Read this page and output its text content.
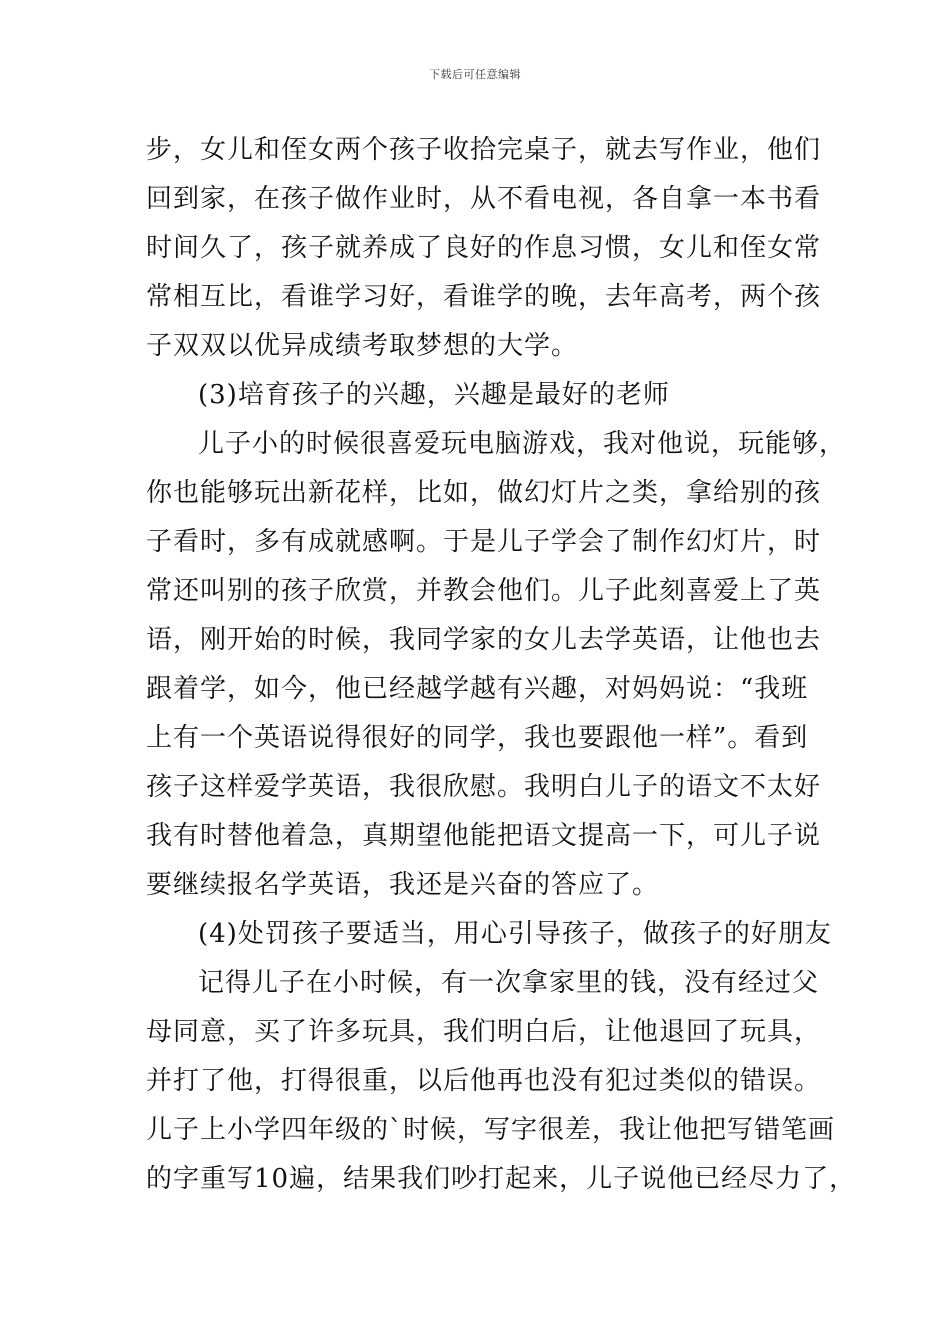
下载后可任意编辑
步，女儿和侄女两个孩子收拾完桌子，就去写作业，他们
回到家，在孩子做作业时，从不看电视，各自拿一本书看
时间久了，孩子就养成了良好的作息习惯，女儿和侄女常
常相互比，看谁学习好，看谁学的晚，去年高考，两个孩
子双双以优异成绩考取梦想的大学。
(3)培育孩子的兴趣，兴趣是最好的老师
儿子小的时候很喜爱玩电脑游戏，我对他说，玩能够，
你也能够玩出新花样，比如，做幻灯片之类，拿给别的孩
子看时，多有成就感啊。于是儿子学会了制作幻灯片，时
常还叫别的孩子欣赏，并教会他们。儿子此刻喜爱上了英
语，刚开始的时候，我同学家的女儿去学英语，让他也去
跟着学，如今，他已经越学越有兴趣，对妈妈说：“我班
上有一个英语说得很好的同学，我也要跟他一样”。看到
孩子这样爱学英语，我很欣慰。我明白儿子的语文不太好
我有时替他着急，真期望他能把语文提高一下，可儿子说
要继续报名学英语，我还是兴奋的答应了。
(4)处罚孩子要适当，用心引导孩子，做孩子的好朋友
记得儿子在小时候，有一次拿家里的钱，没有经过父
母同意，买了许多玩具，我们明白后，让他退回了玩具，
并打了他，打得很重，以后他再也没有犯过类似的错误。
儿子上小学四年级的`时候，写字很差，我让他把写错笔画
的字重写10遍，结果我们吵打起来，儿子说他已经尽力了，
